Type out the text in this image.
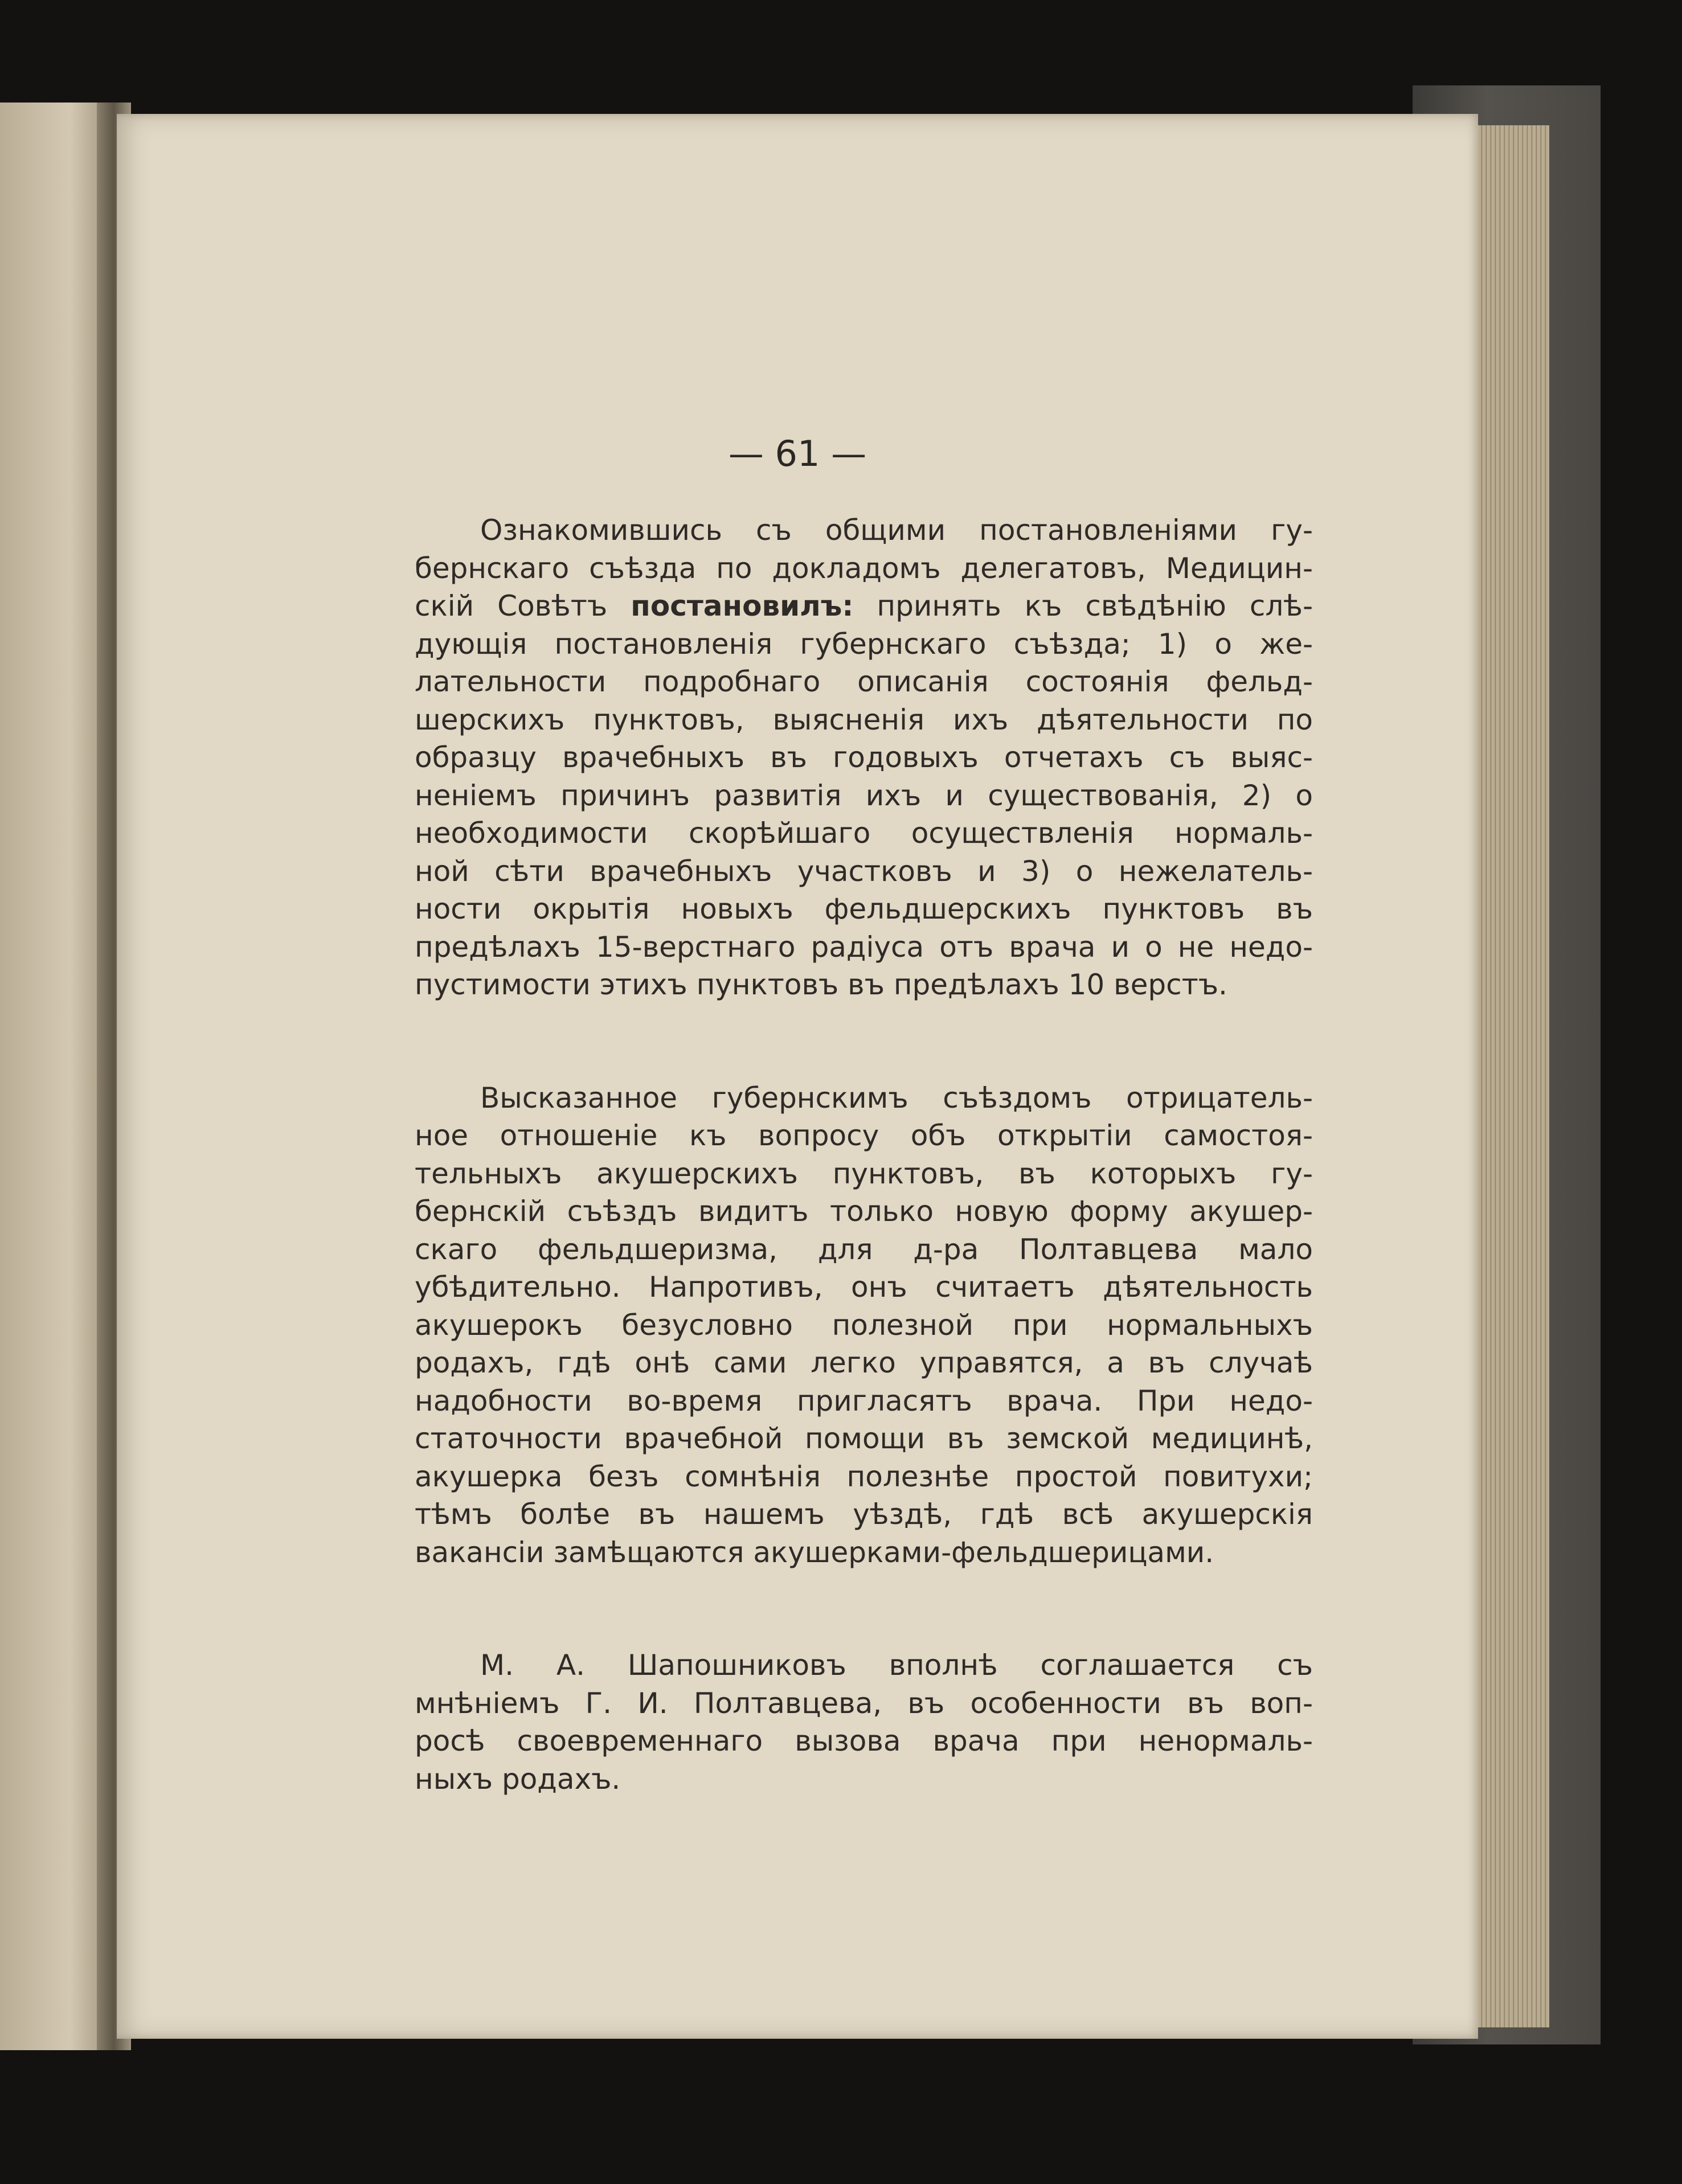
— 61 —
Ознакомившись съ общими постановленіями гу-
бернскаго съѣзда по докладомъ делегатовъ, Медицин-
скій Совѣтъ постановилъ: принять къ свѣдѣнію слѣ-
дующія постановленія губернскаго съѣзда; 1) о же-
лательности подробнаго описанія состоянія фельд-
шерскихъ пунктовъ, выясненія ихъ дѣятельности по
образцу врачебныхъ въ годовыхъ отчетахъ съ выяс-
неніемъ причинъ развитія ихъ и существованія, 2) о
необходимости скорѣйшаго осуществленія нормаль-
ной сѣти врачебныхъ участковъ и 3) о нежелатель-
ности окрытія новыхъ фельдшерскихъ пунктовъ въ
предѣлахъ 15-верстнаго радіуса отъ врача и о не недо-
пустимости этихъ пунктовъ въ предѣлахъ 10 верстъ.
Высказанное губернскимъ съѣздомъ отрицатель-
ное отношеніе къ вопросу объ открытіи самостоя-
тельныхъ акушерскихъ пунктовъ, въ которыхъ гу-
бернскій съѣздъ видитъ только новую форму акушер-
скаго фельдшеризма, для д-ра Полтавцева мало
убѣдительно. Напротивъ, онъ считаетъ дѣятельность
акушерокъ безусловно полезной при нормальныхъ
родахъ, гдѣ онѣ сами легко управятся, а въ случаѣ
надобности во-время пригласятъ врача. При недо-
статочности врачебной помощи въ земской медицинѣ,
акушерка безъ сомнѣнія полезнѣе простой повитухи;
тѣмъ болѣе въ нашемъ уѣздѣ, гдѣ всѣ акушерскія
вакансіи замѣщаются акушерками-фельдшерицами.
М. А. Шапошниковъ вполнѣ соглашается съ
мнѣніемъ Г. И. Полтавцева, въ особенности въ воп-
росѣ своевременнаго вызова врача при ненормаль-
ныхъ родахъ.
